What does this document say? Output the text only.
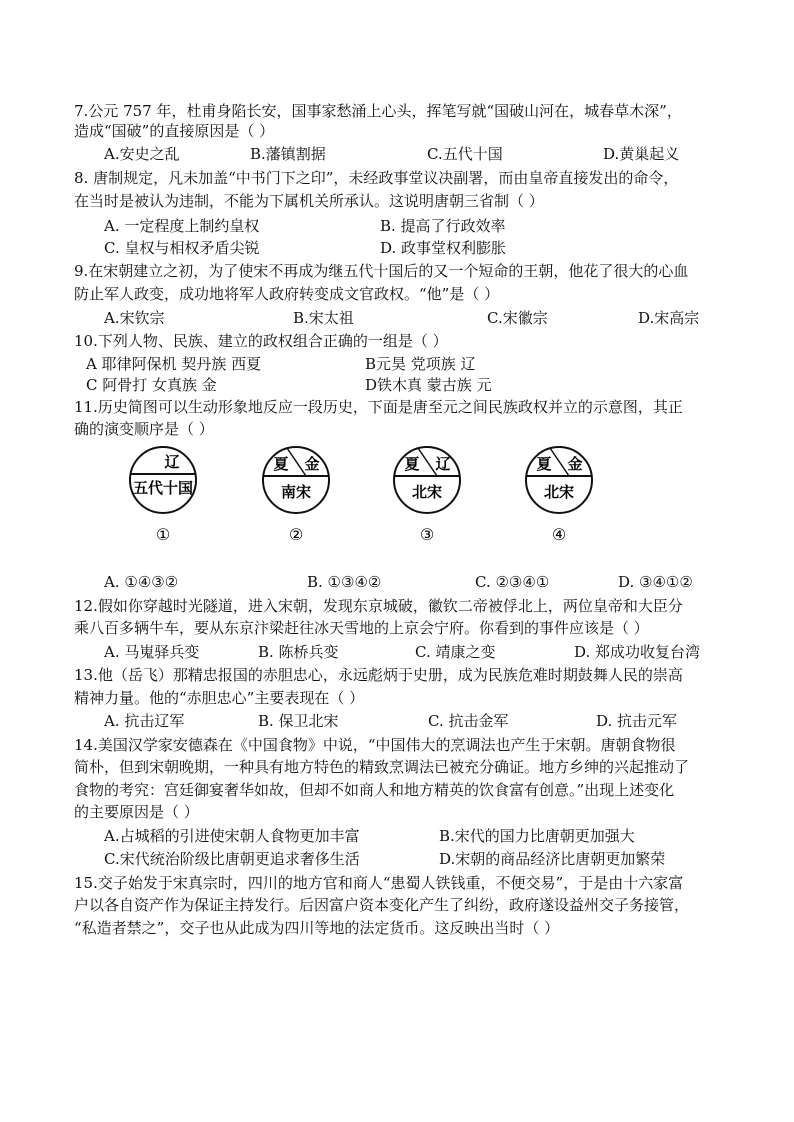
7.公元 757 年，杜甫身陷长安，国事家愁涌上心头，挥笔写就“国破山河在，城春草木深”，
造成“国破”的直接原因是（ ）
A.安史之乱	B.藩镇割据	C.五代十国	D.黄巢起义
8. 唐制规定，凡未加盖“中书门下之印”，未经政事堂议决副署，而由皇帝直接发出的命令，
在当时是被认为违制，不能为下属机关所承认。这说明唐朝三省制（ ）
A. 一定程度上制约皇权	B. 提高了行政效率
C. 皇权与相权矛盾尖锐	D. 政事堂权利膨胀
9.在宋朝建立之初，为了使宋不再成为继五代十国后的又一个短命的王朝，他花了很大的心血
防止军人政变，成功地将军人政府转变成文官政权。“他”是（ ）
A.宋钦宗	B.宋太祖	C.宋徽宗	D.宋高宗
10.下列人物、民族、建立的政权组合正确的一组是（ ）
A 耶律阿保机 契丹族 西夏	B元昊 党项族 辽
C 阿骨打 女真族 金	D铁木真 蒙古族 元
11.历史简图可以生动形象地反应一段历史，下面是唐至元之间民族政权并立的示意图，其正
确的演变顺序是（ ）
辽
五代十国
①
夏 金
南宋
②
夏 辽
北宋
③
夏 金
北宋
④
A. ①④③②	B. ①③④②	C. ②③④①	D. ③④①②
12.假如你穿越时光隧道，进入宋朝，发现东京城破，徽钦二帝被俘北上，两位皇帝和大臣分
乘八百多辆牛车，要从东京汴梁赶往冰天雪地的上京会宁府。你看到的事件应该是（ ）
A. 马嵬驿兵变	B. 陈桥兵变	C. 靖康之变	D. 郑成功收复台湾
13.他（岳飞）那精忠报国的赤胆忠心，永远彪炳于史册，成为民族危难时期鼓舞人民的崇高
精神力量。他的“赤胆忠心”主要表现在（ ）
A. 抗击辽军	B. 保卫北宋	C. 抗击金军	D. 抗击元军
14.美国汉学家安德森在《中国食物》中说，“中国伟大的烹调法也产生于宋朝。唐朝食物很
简朴，但到宋朝晚期，一种具有地方特色的精致烹调法已被充分确证。地方乡绅的兴起推动了
食物的考究：宫廷御宴奢华如故，但却不如商人和地方精英的饮食富有创意。”出现上述变化
的主要原因是（ ）
A.占城稻的引进使宋朝人食物更加丰富	B.宋代的国力比唐朝更加强大
C.宋代统治阶级比唐朝更追求奢侈生活	D.宋朝的商品经济比唐朝更加繁荣
15.交子始发于宋真宗时，四川的地方官和商人“患蜀人铁钱重，不便交易”，于是由十六家富
户以各自资产作为保证主持发行。后因富户资本变化产生了纠纷，政府遂设益州交子务接管，
“私造者禁之”，交子也从此成为四川等地的法定货币。这反映出当时（ ）
